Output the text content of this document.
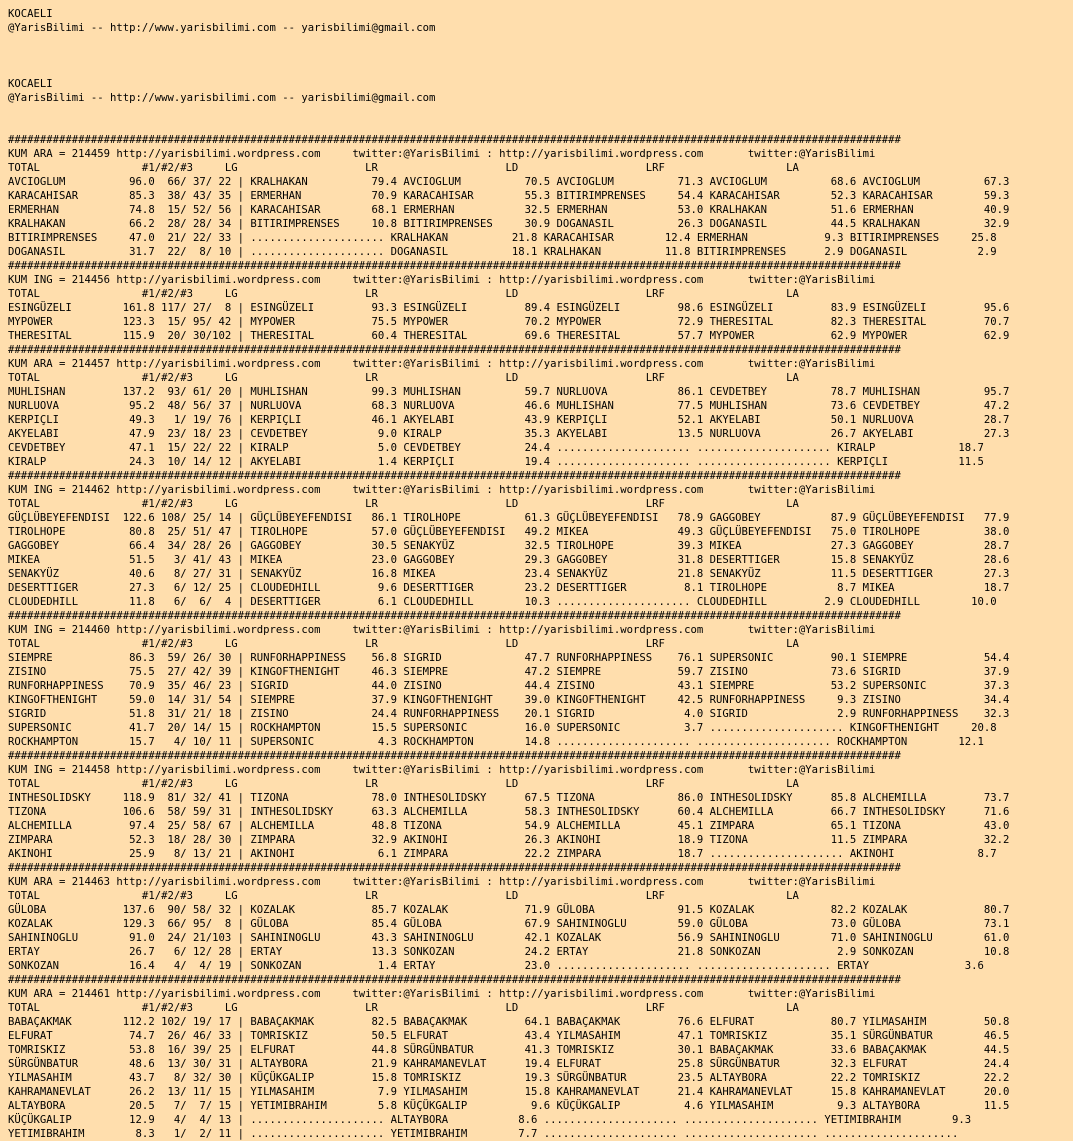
KOCAELI
@YarisBilimi -- http://www.yarisbilimi.com -- yarisbilimi@gmail.com
KOCAELI
@YarisBilimi -- http://www.yarisbilimi.com -- yarisbilimi@gmail.com
############################################################################################################################################
KUM ARA = 214459 http://yarisbilimi.wordpress.com     twitter:@YarisBilimi : http://yarisbilimi.wordpress.com       twitter:@YarisBilimi
TOTAL                #1/#2/#3     LG                    LR                    LD                    LRF                   LA
AVCIOGLUM          96.0  66/ 37/ 22 | KRALHAKAN          79.4 AVCIOGLUM          70.5 AVCIOGLUM          71.3 AVCIOGLUM          68.6 AVCIOGLUM          67.3
KARACAHISAR        85.3  38/ 43/ 35 | ERMERHAN           70.9 KARACAHISAR        55.3 BITIRIMPRENSES     54.4 KARACAHISAR        52.3 KARACAHISAR        59.3
ERMERHAN           74.8  15/ 52/ 56 | KARACAHISAR        68.1 ERMERHAN           32.5 ERMERHAN           53.0 KRALHAKAN          51.6 ERMERHAN           40.9
KRALHAKAN          66.2  28/ 28/ 34 | BITIRIMPRENSES     10.8 BITIRIMPRENSES     30.9 DOGANASIL          26.3 DOGANASIL          44.5 KRALHAKAN          32.9
BITIRIMPRENSES     47.0  21/ 22/ 33 | ..................... KRALHAKAN          21.8 KARACAHISAR        12.4 ERMERHAN            9.3 BITIRIMPRENSES     25.8
DOGANASIL          31.7  22/  8/ 10 | ..................... DOGANASIL          18.1 KRALHAKAN          11.8 BITIRIMPRENSES      2.9 DOGANASIL           2.9
############################################################################################################################################
KUM ING = 214456 http://yarisbilimi.wordpress.com     twitter:@YarisBilimi : http://yarisbilimi.wordpress.com       twitter:@YarisBilimi
TOTAL                #1/#2/#3     LG                    LR                    LD                    LRF                   LA
ESINGÜZELI        161.8 117/ 27/  8 | ESINGÜZELI         93.3 ESINGÜZELI         89.4 ESINGÜZELI         98.6 ESINGÜZELI         83.9 ESINGÜZELI         95.6
MYPOWER           123.3  15/ 95/ 42 | MYPOWER            75.5 MYPOWER            70.2 MYPOWER            72.9 THERESITAL         82.3 THERESITAL         70.7
THERESITAL        115.9  20/ 30/102 | THERESITAL         60.4 THERESITAL         69.6 THERESITAL         57.7 MYPOWER            62.9 MYPOWER            62.9
############################################################################################################################################
KUM ARA = 214457 http://yarisbilimi.wordpress.com     twitter:@YarisBilimi : http://yarisbilimi.wordpress.com       twitter:@YarisBilimi
TOTAL                #1/#2/#3     LG                    LR                    LD                    LRF                   LA
MUHLISHAN         137.2  93/ 61/ 20 | MUHLISHAN          99.3 MUHLISHAN          59.7 NURLUOVA           86.1 CEVDETBEY          78.7 MUHLISHAN          95.7
NURLUOVA           95.2  48/ 56/ 37 | NURLUOVA           68.3 NURLUOVA           46.6 MUHLISHAN          77.5 MUHLISHAN          73.6 CEVDETBEY          47.2
KERPIÇLI           49.3   1/ 19/ 76 | KERPIÇLI           46.1 AKYELABI           43.9 KERPIÇLI           52.1 AKYELABI           50.1 NURLUOVA           28.7
AKYELABI           47.9  23/ 18/ 23 | CEVDETBEY           9.0 KIRALP             35.3 AKYELABI           13.5 NURLUOVA           26.7 AKYELABI           27.3
CEVDETBEY          47.1  15/ 22/ 22 | KIRALP              5.0 CEVDETBEY          24.4 ..................... ..................... KIRALP             18.7
KIRALP             24.3  10/ 14/ 12 | AKYELABI            1.4 KERPIÇLI           19.4 ..................... ..................... KERPIÇLI           11.5
############################################################################################################################################
KUM ING = 214462 http://yarisbilimi.wordpress.com     twitter:@YarisBilimi : http://yarisbilimi.wordpress.com       twitter:@YarisBilimi
TOTAL                #1/#2/#3     LG                    LR                    LD                    LRF                   LA
GÜÇLÜBEYEFENDISI  122.6 108/ 25/ 14 | GÜÇLÜBEYEFENDISI   86.1 TIROLHOPE          61.3 GÜÇLÜBEYEFENDISI   78.9 GAGGOBEY           87.9 GÜÇLÜBEYEFENDISI   77.9
TIROLHOPE          80.8  25/ 51/ 47 | TIROLHOPE          57.0 GÜÇLÜBEYEFENDISI   49.2 MIKEA              49.3 GÜÇLÜBEYEFENDISI   75.0 TIROLHOPE          38.0
GAGGOBEY           66.4  34/ 28/ 26 | GAGGOBEY           30.5 SENAKYÜZ           32.5 TIROLHOPE          39.3 MIKEA              27.3 GAGGOBEY           28.7
MIKEA              51.5   3/ 41/ 43 | MIKEA              23.0 GAGGOBEY           29.3 GAGGOBEY           31.8 DESERTTIGER        15.8 SENAKYÜZ           28.6
SENAKYÜZ           40.6   8/ 27/ 31 | SENAKYÜZ           16.8 MIKEA              23.4 SENAKYÜZ           21.8 SENAKYÜZ           11.5 DESERTTIGER        27.3
DESERTTIGER        27.3   6/ 12/ 25 | CLOUDEDHILL         9.6 DESERTTIGER        23.2 DESERTTIGER         8.1 TIROLHOPE           8.7 MIKEA              18.7
CLOUDEDHILL        11.8   6/  6/  4 | DESERTTIGER         6.1 CLOUDEDHILL        10.3 ..................... CLOUDEDHILL         2.9 CLOUDEDHILL        10.0
############################################################################################################################################
KUM ING = 214460 http://yarisbilimi.wordpress.com     twitter:@YarisBilimi : http://yarisbilimi.wordpress.com       twitter:@YarisBilimi
TOTAL                #1/#2/#3     LG                    LR                    LD                    LRF                   LA
SIEMPRE            86.3  59/ 26/ 30 | RUNFORHAPPINESS    56.8 SIGRID             47.7 RUNFORHAPPINESS    76.1 SUPERSONIC         90.1 SIEMPRE            54.4
ZISINO             75.5  27/ 42/ 39 | KINGOFTHENIGHT     46.3 SIEMPRE            47.2 SIEMPRE            59.7 ZISINO             73.6 SIGRID             37.9
RUNFORHAPPINESS    70.9  35/ 46/ 23 | SIGRID             44.0 ZISINO             44.4 ZISINO             43.1 SIEMPRE            53.2 SUPERSONIC         37.3
KINGOFTHENIGHT     59.0  14/ 31/ 54 | SIEMPRE            37.9 KINGOFTHENIGHT     39.0 KINGOFTHENIGHT     42.5 RUNFORHAPPINESS     9.3 ZISINO             34.4
SIGRID             51.8  31/ 21/ 18 | ZISINO             24.4 RUNFORHAPPINESS    20.1 SIGRID              4.0 SIGRID              2.9 RUNFORHAPPINESS    32.3
SUPERSONIC         41.7  20/ 14/ 15 | ROCKHAMPTON        15.5 SUPERSONIC         16.0 SUPERSONIC          3.7 ..................... KINGOFTHENIGHT     20.8
ROCKHAMPTON        15.7   4/ 10/ 11 | SUPERSONIC          4.3 ROCKHAMPTON        14.8 ..................... ..................... ROCKHAMPTON        12.1
############################################################################################################################################
KUM ING = 214458 http://yarisbilimi.wordpress.com     twitter:@YarisBilimi : http://yarisbilimi.wordpress.com       twitter:@YarisBilimi
TOTAL                #1/#2/#3     LG                    LR                    LD                    LRF                   LA
INTHESOLIDSKY     118.9  81/ 32/ 41 | TIZONA             78.0 INTHESOLIDSKY      67.5 TIZONA             86.0 INTHESOLIDSKY      85.8 ALCHEMILLA         73.7
TIZONA            106.6  58/ 59/ 31 | INTHESOLIDSKY      63.3 ALCHEMILLA         58.3 INTHESOLIDSKY      60.4 ALCHEMILLA         66.7 INTHESOLIDSKY      71.6
ALCHEMILLA         97.4  25/ 58/ 67 | ALCHEMILLA         48.8 TIZONA             54.9 ALCHEMILLA         45.1 ZIMPARA            65.1 TIZONA             43.0
ZIMPARA            52.3  18/ 28/ 30 | ZIMPARA            32.9 AKINOHI            26.3 AKINOHI            18.9 TIZONA             11.5 ZIMPARA            32.2
AKINOHI            25.9   8/ 13/ 21 | AKINOHI             6.1 ZIMPARA            22.2 ZIMPARA            18.7 ..................... AKINOHI             8.7
############################################################################################################################################
KUM ARA = 214463 http://yarisbilimi.wordpress.com     twitter:@YarisBilimi : http://yarisbilimi.wordpress.com       twitter:@YarisBilimi
TOTAL                #1/#2/#3     LG                    LR                    LD                    LRF                   LA
GÜLOBA            137.6  90/ 58/ 32 | KOZALAK            85.7 KOZALAK            71.9 GÜLOBA             91.5 KOZALAK            82.2 KOZALAK            80.7
KOZALAK           129.3  66/ 95/  8 | GÜLOBA             85.4 GÜLOBA             67.9 SAHININOGLU        59.0 GÜLOBA             73.0 GÜLOBA             73.1
SAHININOGLU        91.0  24/ 21/103 | SAHININOGLU        43.3 SAHININOGLU        42.1 KOZALAK            56.9 SAHININOGLU        71.0 SAHININOGLU        61.0
ERTAY              26.7   6/ 12/ 28 | ERTAY              13.3 SONKOZAN           24.2 ERTAY              21.8 SONKOZAN            2.9 SONKOZAN           10.8
SONKOZAN           16.4   4/  4/ 19 | SONKOZAN            1.4 ERTAY              23.0 ..................... ..................... ERTAY               3.6
############################################################################################################################################
KUM ARA = 214461 http://yarisbilimi.wordpress.com     twitter:@YarisBilimi : http://yarisbilimi.wordpress.com       twitter:@YarisBilimi
TOTAL                #1/#2/#3     LG                    LR                    LD                    LRF                   LA
BABAÇAKMAK        112.2 102/ 19/ 17 | BABAÇAKMAK         82.5 BABAÇAKMAK         64.1 BABAÇAKMAK         76.6 ELFURAT            80.7 YILMASAHIM         50.8
ELFURAT            74.7  26/ 46/ 33 | TOMRISKIZ          50.5 ELFURAT            43.4 YILMASAHIM         47.1 TOMRISKIZ          35.1 SÜRGÜNBATUR        46.5
TOMRISKIZ          53.8  16/ 39/ 25 | ELFURAT            44.8 SÜRGÜNBATUR        41.3 TOMRISKIZ          30.1 BABAÇAKMAK         33.6 BABAÇAKMAK         44.5
SÜRGÜNBATUR        48.6  13/ 30/ 31 | ALTAYBORA          21.9 KAHRAMANEVLAT      19.4 ELFURAT            25.8 SÜRGÜNBATUR        32.3 ELFURAT            24.4
YILMASAHIM         43.7   8/ 32/ 30 | KÜÇÜKGALIP         15.8 TOMRISKIZ          19.3 SÜRGÜNBATUR        23.5 ALTAYBORA          22.2 TOMRISKIZ          22.2
KAHRAMANEVLAT      26.2  13/ 11/ 15 | YILMASAHIM          7.9 YILMASAHIM         15.8 KAHRAMANEVLAT      21.4 KAHRAMANEVLAT      15.8 KAHRAMANEVLAT      20.0
ALTAYBORA          20.5   7/  7/ 15 | YETIMIBRAHIM        5.8 KÜÇÜKGALIP          9.6 KÜÇÜKGALIP          4.6 YILMASAHIM          9.3 ALTAYBORA          11.5
KÜÇÜKGALIP         12.9   4/  4/ 13 | ..................... ALTAYBORA           8.6 ..................... ..................... YETIMIBRAHIM        9.3
YETIMIBRAHIM        8.3   1/  2/ 11 | ..................... YETIMIBRAHIM        7.7 ..................... ..................... .....................
